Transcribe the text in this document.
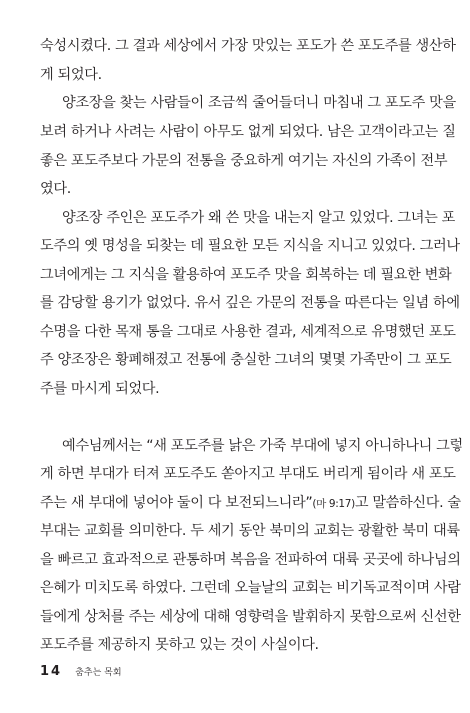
숙성시켰다. 그 결과 세상에서 가장 맛있는 포도가 쓴 포도주를 생산하
게 되었다.
양조장을 찾는 사람들이 조금씩 줄어들더니 마침내 그 포도주 맛을
보려 하거나 사려는 사람이 아무도 없게 되었다. 남은 고객이라고는 질
좋은 포도주보다 가문의 전통을 중요하게 여기는 자신의 가족이 전부
였다.
양조장 주인은 포도주가 왜 쓴 맛을 내는지 알고 있었다. 그녀는 포
도주의 옛 명성을 되찾는 데 필요한 모든 지식을 지니고 있었다. 그러나
그녀에게는 그 지식을 활용하여 포도주 맛을 회복하는 데 필요한 변화
를 감당할 용기가 없었다. 유서 깊은 가문의 전통을 따른다는 일념 하에
수명을 다한 목재 통을 그대로 사용한 결과, 세계적으로 유명했던 포도
주 양조장은 황폐해졌고 전통에 충실한 그녀의 몇몇 가족만이 그 포도
주를 마시게 되었다.
예수님께서는 “새 포도주를 낡은 가죽 부대에 넣지 아니하나니 그렇
게 하면 부대가 터져 포도주도 쏟아지고 부대도 버리게 됨이라 새 포도
주는 새 부대에 넣어야 둘이 다 보전되느니라”(마 9:17)고 말씀하신다. 술
부대는 교회를 의미한다. 두 세기 동안 북미의 교회는 광활한 북미 대륙
을 빠르고 효과적으로 관통하며 복음을 전파하여 대륙 곳곳에 하나님의
은혜가 미치도록 하였다. 그런데 오늘날의 교회는 비기독교적이며 사람
들에게 상처를 주는 세상에 대해 영향력을 발휘하지 못함으로써 신선한
포도주를 제공하지 못하고 있는 것이 사실이다.
14 춤추는 목회
